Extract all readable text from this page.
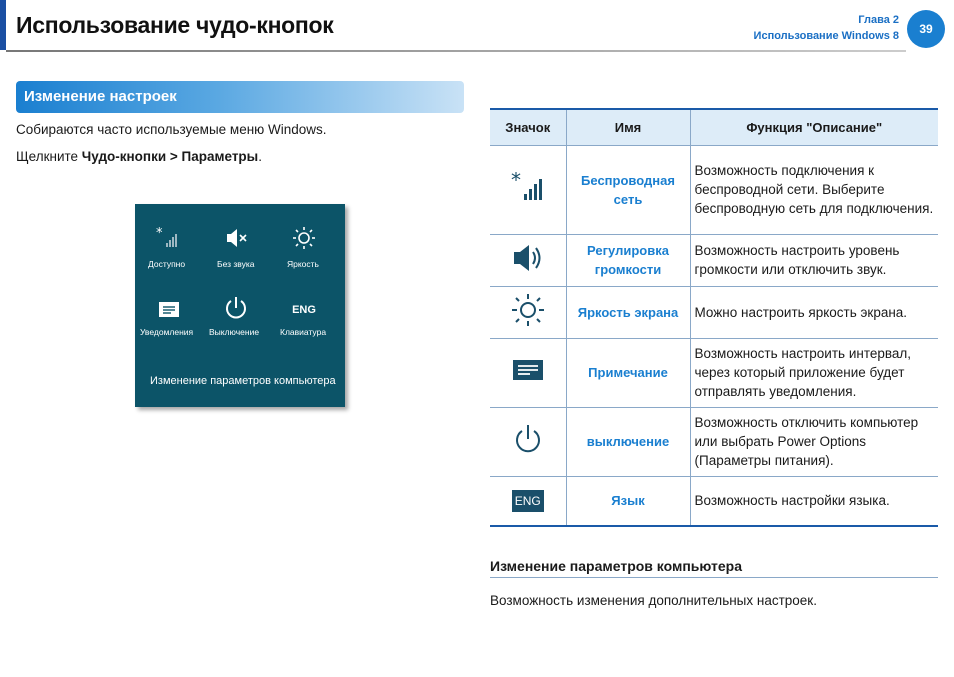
Использование чудо-кнопок	Глава 2
Использование Windows 8	39
Изменение настроек
Собираются часто используемые меню Windows.
Щелкните Чудо-кнопки > Параметры.
*
Доступно	Без звука	Яркость
Уведомления Выключение
ENG
Клавиатура
Изменение параметров компьютера
Значок	Имя	Функция "Описание"

*	Беспроводная сеть	Возможность подключения к беспроводной сети. Выберите беспроводную сеть для подключения.
	Регулировка громкости	Возможность настроить уровень громкости или отключить звук.
	Яркость экрана	Можно настроить яркость экрана.
	Примечание	Возможность настроить интервал, через который приложение будет отправлять уведомления.
	выключение	Возможность отключить компьютер или выбрать Power Options (Параметры питания).
ENG	Язык	Возможность настройки языка.
Изменение параметров компьютера
Возможность изменения дополнительных настроек.
